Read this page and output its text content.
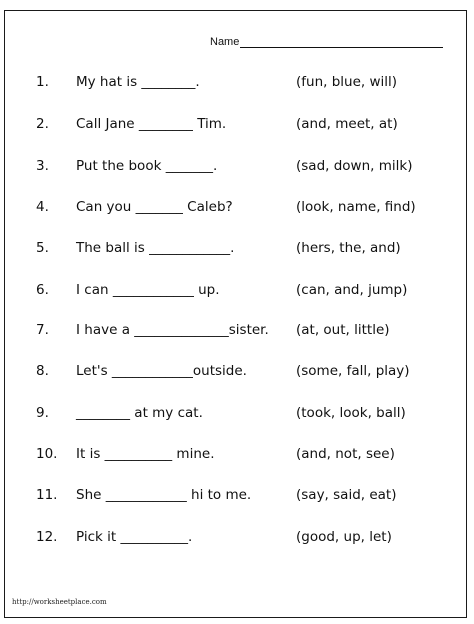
Name
1. My hat is ________.	(fun, blue, will)
2. Call Jane ________ Tim.	(and, meet, at)
3. Put the book _______.	(sad, down, milk)
4. Can you _______ Caleb?	(look, name, find)
5. The ball is ____________.	(hers, the, and)
6. I can ____________ up.	(can, and, jump)
7. I have a ______________sister. (at, out, little)
8. Let's ____________outside.	(some, fall, play)
9. ________ at my cat.	(took, look, ball)
10. It is __________ mine.	(and, not, see)
11. She ____________ hi to me.	(say, said, eat)
12. Pick it __________.	(good, up, let)
http://worksheetplace.com
